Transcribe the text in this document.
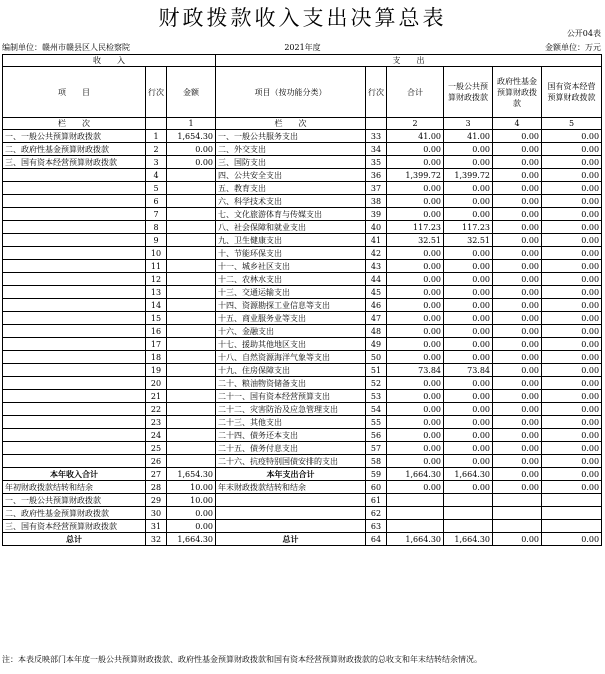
财政拨款收入支出决算总表
公开04表
编制单位：赣州市赣县区人民检察院	2021年度	金额单位：万元
收　　入			支　　出					
项　　目	行次	金额	项目（按功能分类）	行次	合计	一般公共预算财政拨款	政府性基金预算财政拨款	国有资本经营预算财政拨款
栏　　次		1	栏　　次		2	3	4	5
一、一般公共预算财政拨款	1	1,654.30	一、一般公共服务支出	33	41.00	41.00	0.00	0.00
二、政府性基金预算财政拨款	2	0.00	二、外交支出	34	0.00	0.00	0.00	0.00
三、国有资本经营预算财政拨款	3	0.00	三、国防支出	35	0.00	0.00	0.00	0.00
	4		四、公共安全支出	36	1,399.72	1,399.72	0.00	0.00
	5		五、教育支出	37	0.00	0.00	0.00	0.00
	6		六、科学技术支出	38	0.00	0.00	0.00	0.00
	7		七、文化旅游体育与传媒支出	39	0.00	0.00	0.00	0.00
	8		八、社会保障和就业支出	40	117.23	117.23	0.00	0.00
	9		九、卫生健康支出	41	32.51	32.51	0.00	0.00
	10		十、节能环保支出	42	0.00	0.00	0.00	0.00
	11		十一、城乡社区支出	43	0.00	0.00	0.00	0.00
	12		十二、农林水支出	44	0.00	0.00	0.00	0.00
	13		十三、交通运输支出	45	0.00	0.00	0.00	0.00
	14		十四、资源勘探工业信息等支出	46	0.00	0.00	0.00	0.00
	15		十五、商业服务业等支出	47	0.00	0.00	0.00	0.00
	16		十六、金融支出	48	0.00	0.00	0.00	0.00
	17		十七、援助其他地区支出	49	0.00	0.00	0.00	0.00
	18		十八、自然资源海洋气象等支出	50	0.00	0.00	0.00	0.00
	19		十九、住房保障支出	51	73.84	73.84	0.00	0.00
	20		二十、粮油物资储备支出	52	0.00	0.00	0.00	0.00
	21		二十一、国有资本经营预算支出	53	0.00	0.00	0.00	0.00
	22		二十二、灾害防治及应急管理支出	54	0.00	0.00	0.00	0.00
	23		二十三、其他支出	55	0.00	0.00	0.00	0.00
	24		二十四、债务还本支出	56	0.00	0.00	0.00	0.00
	25		二十五、债务付息支出	57	0.00	0.00	0.00	0.00
	26		二十六、抗疫特别国债安排的支出	58	0.00	0.00	0.00	0.00
本年收入合计	27	1,654.30	本年支出合计	59	1,664.30	1,664.30	0.00	0.00
年初财政拨款结转和结余	28	10.00	年末财政拨款结转和结余	60	0.00	0.00	0.00	0.00
一、一般公共预算财政拨款	29	10.00		61				
二、政府性基金预算财政拨款	30	0.00		62				
三、国有资本经营预算财政拨款	31	0.00		63				
总计	32	1,664.30	总计	64	1,664.30	1,664.30	0.00	0.00
注：本表反映部门本年度一般公共预算财政拨款、政府性基金预算财政拨款和国有资本经营预算财政拨款的总收支和年末结转结余情况。
